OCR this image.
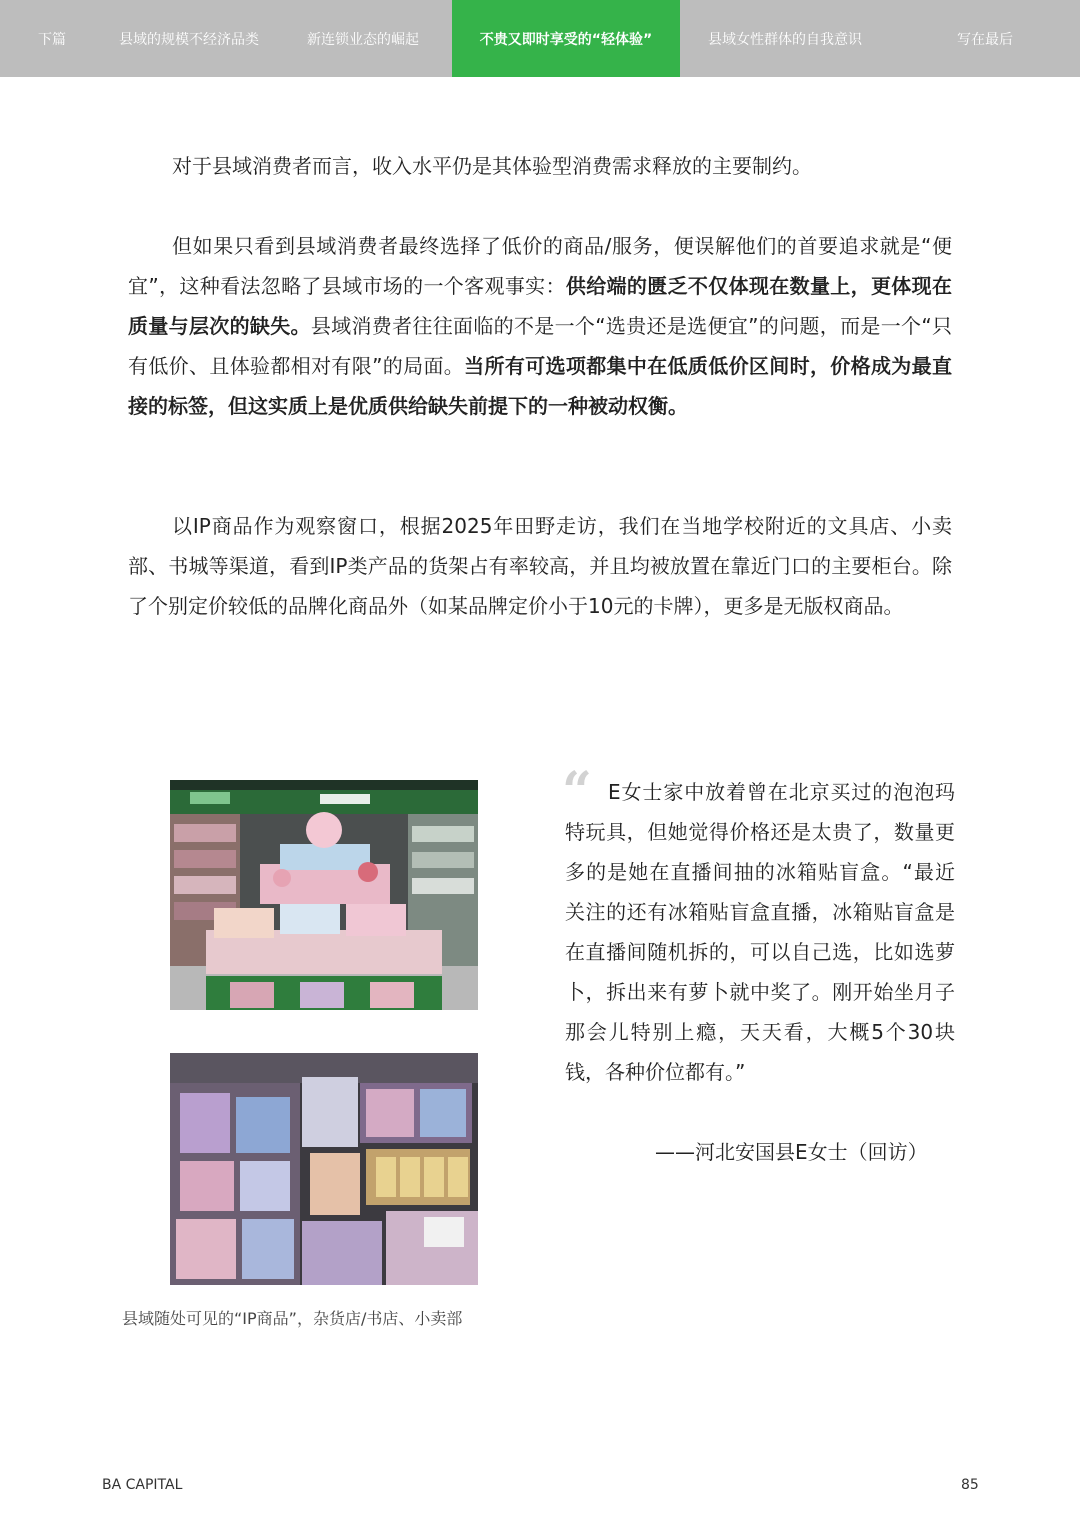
下篇	县域的规模不经济品类	新连锁业态的崛起	不贵又即时享受的“轻体验”	县域女性群体的自我意识	写在最后

对于县域消费者而言，收入水平仍是其体验型消费需求释放的主要制约。

但如果只看到县域消费者最终选择了低价的商品/服务，便误解他们的首要追求就是“便宜”，这种看法忽略了县域市场的一个客观事实：供给端的匮乏不仅体现在数量上，更体现在质量与层次的缺失。县域消费者往往面临的不是一个“选贵还是选便宜”的问题，而是一个“只有低价、且体验都相对有限”的局面。当所有可选项都集中在低质低价区间时，价格成为最直接的标签，但这实质上是优质供给缺失前提下的一种被动权衡。

以IP商品作为观察窗口，根据2025年田野走访，我们在当地学校附近的文具店、小卖部、书城等渠道，看到IP类产品的货架占有率较高，并且均被放置在靠近门口的主要柜台。除了个别定价较低的品牌化商品外（如某品牌定价小于10元的卡牌），更多是无版权商品。

县域随处可见的“IP商品”，杂货店/书店、小卖部
“ E女士家中放着曾在北京买过的泡泡玛特玩具，但她觉得价格还是太贵了，数量更多的是她在直播间抽的冰箱贴盲盒。“最近关注的还有冰箱贴盲盒直播，冰箱贴盲盒是在直播间随机拆的，可以自己选，比如选萝卜，拆出来有萝卜就中奖了。刚开始坐月子那会儿特别上瘾，天天看，大概5个30块钱，各种价位都有。”

——河北安国县E女士（回访）
BA CAPITAL	85
